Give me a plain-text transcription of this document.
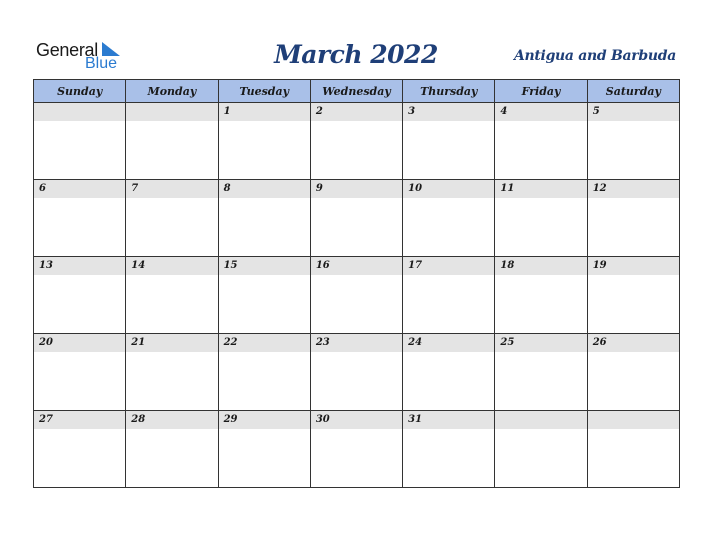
General
Blue	March 2022	Antigua and Barbuda
Sunday	Monday	Tuesday	Wednesday	Thursday	Friday	Saturday

		1	2	3	4	5

6	7	8	9	10	11	12

13	14	15	16	17	18	19

20	21	22	23	24	25	26

27	28	29	30	31		
